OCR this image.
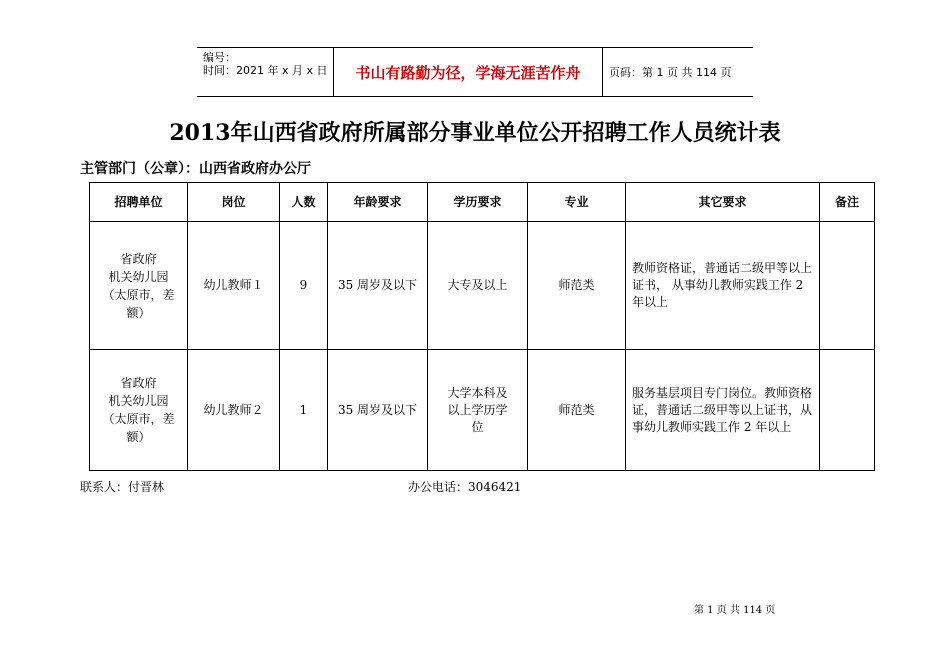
编号：
时间：2021 年 x 月 x 日	书山有路勤为径，学海无涯苦作舟	页码：第 1 页 共 114 页
2013年山西省政府所属部分事业单位公开招聘工作人员统计表
主管部门（公章）：山西省政府办公厅
招聘单位	岗位	人数	年龄要求	学历要求	专业	其它要求	备注
省政府
机关幼儿园
（太原市，差
额）	幼儿教师１	9	35 周岁及以下	大专及以上	师范类	教师资格证，普通话二级甲等以上证书， 从事幼儿教师实践工作 2 年以上	
省政府
机关幼儿园
（太原市，差
额）	幼儿教师２	1	35 周岁及以下	大学本科及
以上学历学
位	师范类	服务基层项目专门岗位。教师资格证，普通话二级甲等以上证书，从事幼儿教师实践工作 2 年以上	
联系人：付晋林	办公电话：3046421
第 1 页 共 114 页
